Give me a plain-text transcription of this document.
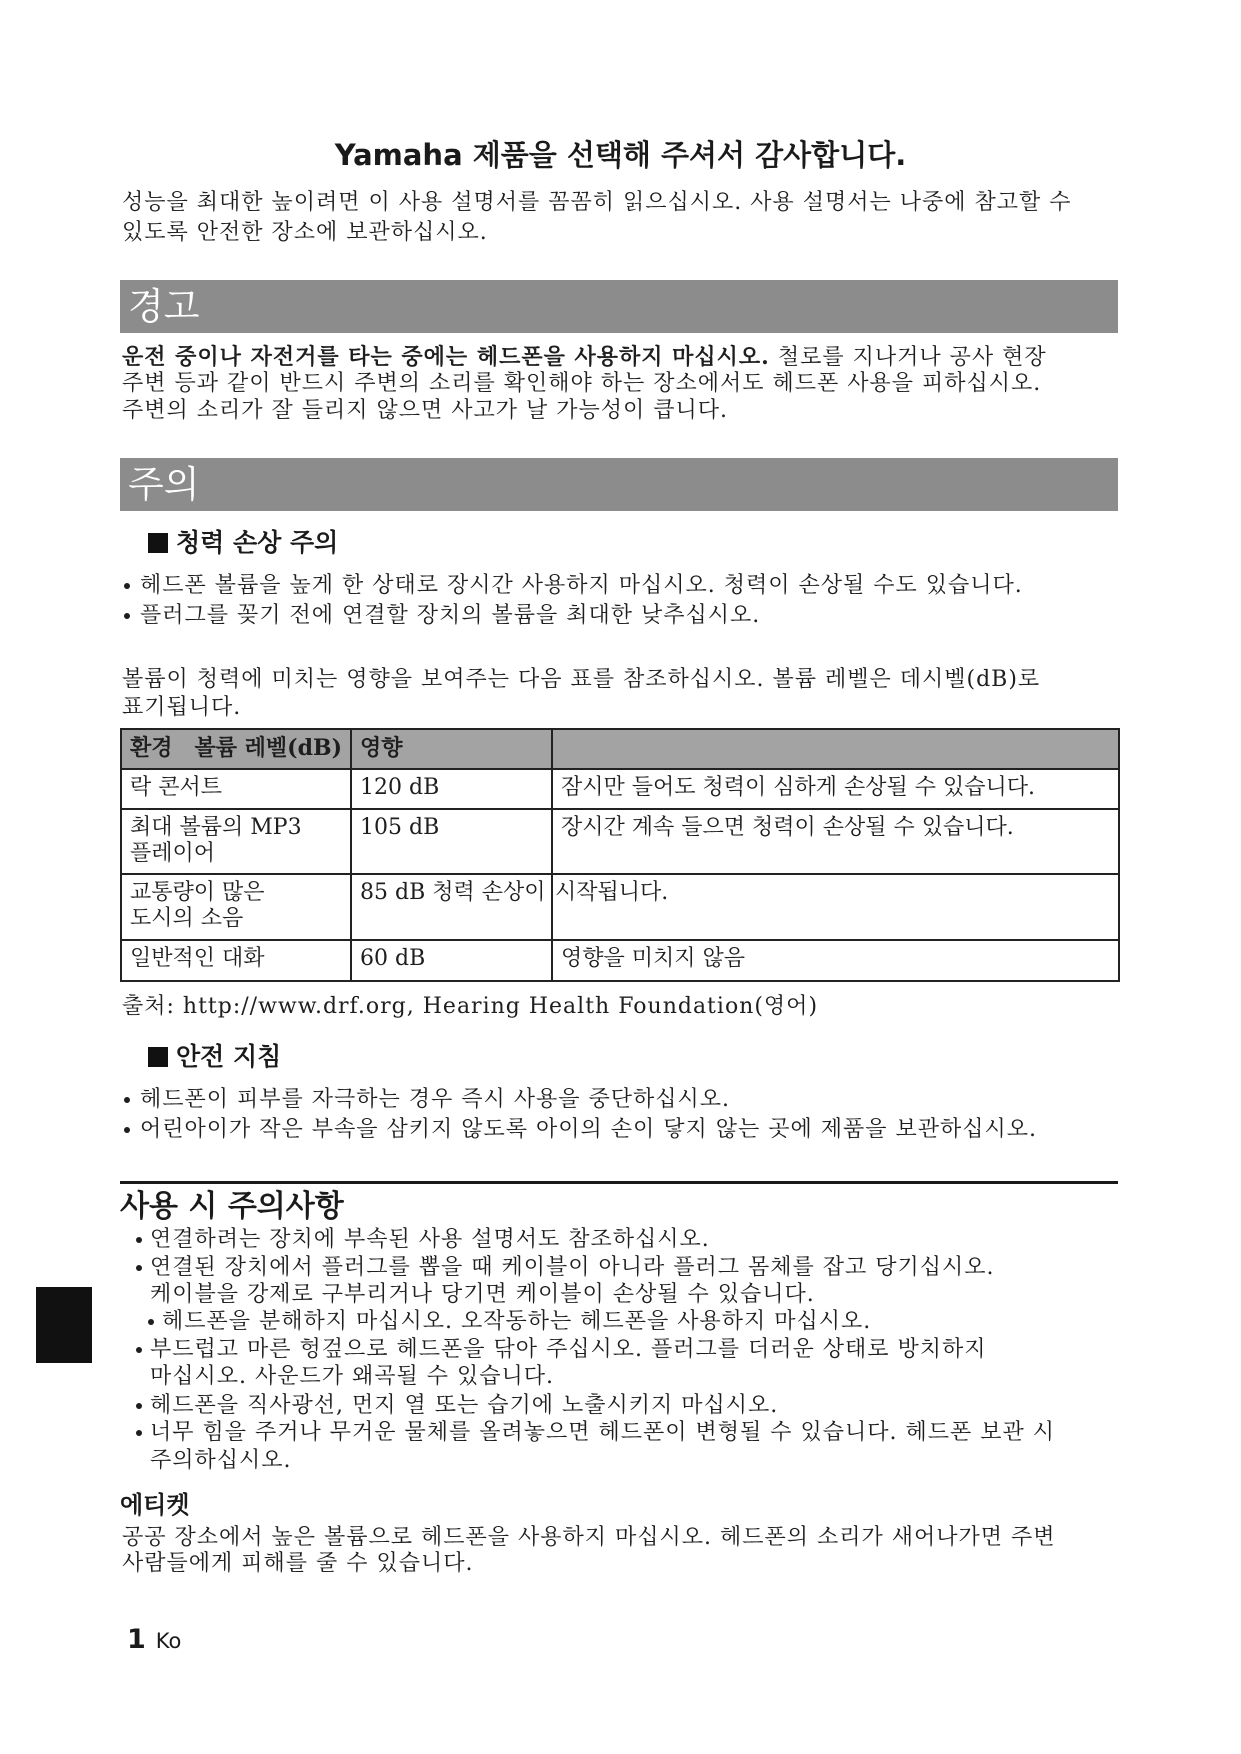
Yamaha 제품을 선택해 주셔서 감사합니다.
성능을 최대한 높이려면 이 사용 설명서를 꼼꼼히 읽으십시오. 사용 설명서는 나중에 참고할 수
있도록 안전한 장소에 보관하십시오.
경고
운전 중이나 자전거를 타는 중에는 헤드폰을 사용하지 마십시오. 철로를 지나거나 공사 현장
주변 등과 같이 반드시 주변의 소리를 확인해야 하는 장소에서도 헤드폰 사용을 피하십시오.
주변의 소리가 잘 들리지 않으면 사고가 날 가능성이 큽니다.
주의
청력 손상 주의
헤드폰 볼륨을 높게 한 상태로 장시간 사용하지 마십시오. 청력이 손상될 수도 있습니다.
플러그를 꽂기 전에 연결할 장치의 볼륨을 최대한 낮추십시오.
볼륨이 청력에 미치는 영향을 보여주는 다음 표를 참조하십시오. 볼륨 레벨은 데시벨(dB)로
표기됩니다.
환경 볼륨 레벨(dB)	영향	

락 콘서트	120 dB	잠시만 들어도 청력이 심하게 손상될 수 있습니다.

최대 볼륨의 MP3
플레이어	105 dB	장시간 계속 들으면 청력이 손상될 수 있습니다.

교통량이 많은
도시의 소음	85 dB 청력 손상이	시작됩니다.

일반적인 대화	60 dB	영향을 미치지 않음
출처: http://www.drf.org, Hearing Health Foundation(영어)
안전 지침
헤드폰이 피부를 자극하는 경우 즉시 사용을 중단하십시오.
어린아이가 작은 부속을 삼키지 않도록 아이의 손이 닿지 않는 곳에 제품을 보관하십시오.
사용 시 주의사항
연결하려는 장치에 부속된 사용 설명서도 참조하십시오.
연결된 장치에서 플러그를 뽑을 때 케이블이 아니라 플러그 몸체를 잡고 당기십시오.
케이블을 강제로 구부리거나 당기면 케이블이 손상될 수 있습니다.
헤드폰을 분해하지 마십시오. 오작동하는 헤드폰을 사용하지 마십시오.
부드럽고 마른 헝겊으로 헤드폰을 닦아 주십시오. 플러그를 더러운 상태로 방치하지
마십시오. 사운드가 왜곡될 수 있습니다.
헤드폰을 직사광선, 먼지 열 또는 습기에 노출시키지 마십시오.
너무 힘을 주거나 무거운 물체를 올려놓으면 헤드폰이 변형될 수 있습니다. 헤드폰 보관 시
주의하십시오.
에티켓
공공 장소에서 높은 볼륨으로 헤드폰을 사용하지 마십시오. 헤드폰의 소리가 새어나가면 주변
사람들에게 피해를 줄 수 있습니다.
1 Ko
